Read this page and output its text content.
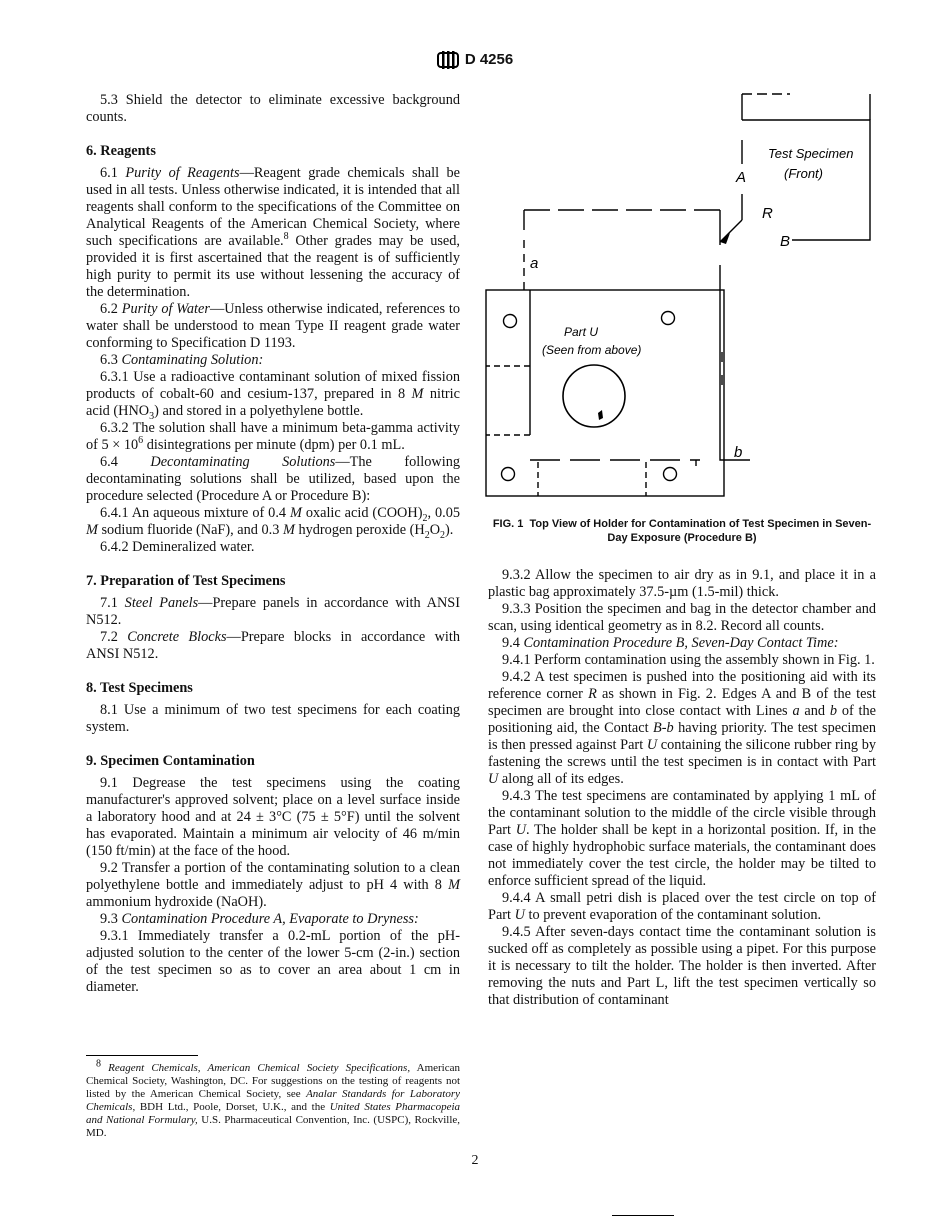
D 4256

5.3 Shield the detector to eliminate excessive background counts.

6. Reagents

6.1 Purity of Reagents—Reagent grade chemicals shall be used in all tests. Unless otherwise indicated, it is intended that all reagents shall conform to the specifications of the Committee on Analytical Reagents of the American Chemical Society, where such specifications are available.$^8$ Other grades may be used, provided it is first ascertained that the reagent is of sufficiently high purity to permit its use without lessening the accuracy of the determination.

6.2 Purity of Water—Unless otherwise indicated, references to water shall be understood to mean Type II reagent grade water conforming to Specification D 1193.

6.3 Contaminating Solution:

6.3.1 Use a radioactive contaminant solution of mixed fission products of cobalt-60 and cesium-137, prepared in 8 M nitric acid $(HNO_3)$ and stored in a polyethylene bottle.

6.3.2 The solution shall have a minimum beta-gamma activity of $5 \times 10^6$ disintegrations per minute (dpm) per 0.1 mL.

6.4 Decontaminating Solutions—The following decontaminating solutions shall be utilized, based upon the procedure selected (Procedure A or Procedure B):

6.4.1 An aqueous mixture of 0.4 M oxalic acid $(COOH)_2$, 0.05 M sodium fluoride (NaF), and 0.3 M hydrogen peroxide $(H_2O_2)$.

6.4.2 Demineralized water.

7. Preparation of Test Specimens

7.1 Steel Panels—Prepare panels in accordance with ANSI N512.

7.2 Concrete Blocks—Prepare blocks in accordance with ANSI N512.

8. Test Specimens

8.1 Use a minimum of two test specimens for each coating system.

9. Specimen Contamination

9.1 Degrease the test specimens using the coating manufacturer's approved solvent; place on a level surface inside a laboratory hood and at 24 ± 3°C (75 ± 5°F) until the solvent has evaporated. Maintain a minimum air velocity of 46 m/min (150 ft/min) at the face of the hood.

9.2 Transfer a portion of the contaminating solution to a clean polyethylene bottle and immediately adjust to pH 4 with 8 M ammonium hydroxide (NaOH).

9.3 Contamination Procedure A, Evaporate to Dryness:

9.3.1 Immediately transfer a 0.2-mL portion of the pH-adjusted solution to the center of the lower 5-cm (2-in.) section of the test specimen so as to cover an area about 1 cm in diameter.

$^8$ Reagent Chemicals, American Chemical Society Specifications, American Chemical Society, Washington, DC. For suggestions on the testing of reagents not listed by the American Chemical Society, see Analar Standards for Laboratory Chemicals, BDH Ltd., Poole, Dorset, U.K., and the United States Pharmacopeia and National Formulary, U.S. Pharmaceutical Convention, Inc. (USPC), Rockville, MD.
Test Specimen
(Front)
A
R
B
a
b
Part U
(Seen from above)
FIG. 1 Top View of Holder for Contamination of Test Specimen in Seven-Day Exposure (Procedure B)

9.3.2 Allow the specimen to air dry as in 9.1, and place it in a plastic bag approximately 37.5-µm (1.5-mil) thick.

9.3.3 Position the specimen and bag in the detector chamber and scan, using identical geometry as in 8.2. Record all counts.

9.4 Contamination Procedure B, Seven-Day Contact Time:

9.4.1 Perform contamination using the assembly shown in Fig. 1.

9.4.2 A test specimen is pushed into the positioning aid with its reference corner R as shown in Fig. 2. Edges A and B of the test specimen are brought into close contact with Lines a and b of the positioning aid, the Contact B-b having priority. The test specimen is then pressed against Part U containing the silicone rubber ring by fastening the screws until the test specimen is in contact with Part U along all of its edges.

9.4.3 The test specimens are contaminated by applying 1 mL of the contaminant solution to the middle of the circle visible through Part U. The holder shall be kept in a horizontal position. If, in the case of highly hydrophobic surface materials, the contaminant does not immediately cover the test circle, the holder may be tilted to enforce sufficient spread of the liquid.

9.4.4 A small petri dish is placed over the test circle on top of Part U to prevent evaporation of the contaminant solution.

9.4.5 After seven-days contact time the contaminant solution is sucked off as completely as possible using a pipet. For this purpose it is necessary to tilt the holder. The holder is then inverted. After removing the nuts and Part L, lift the test specimen vertically so that distribution of contaminant

2
